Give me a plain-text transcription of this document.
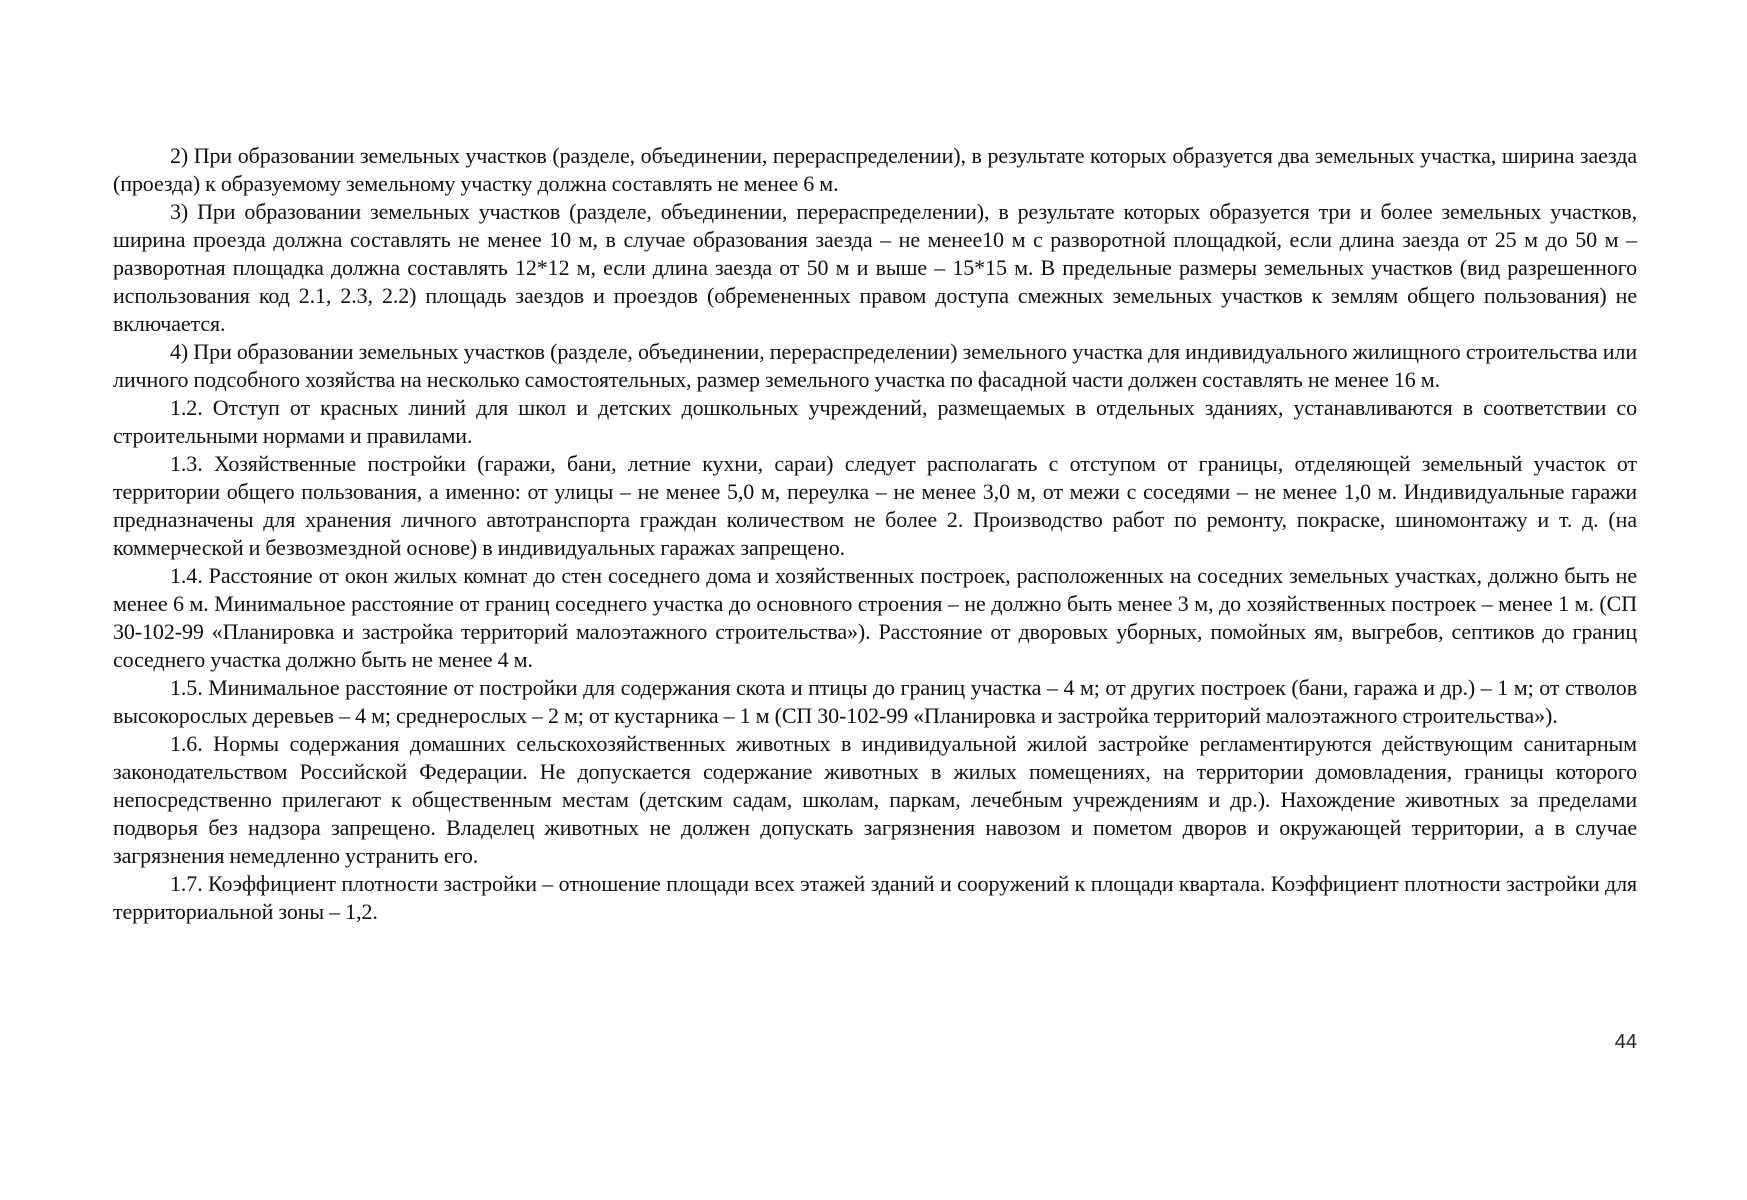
2) При образовании земельных участков (разделе, объединении, перераспределении), в результате которых образуется два земельных участка, ширина заезда (проезда) к образуемому земельному участку должна составлять не менее 6 м.

3) При образовании земельных участков (разделе, объединении, перераспределении), в результате которых образуется три и более земельных участков, ширина проезда должна составлять не менее 10 м, в случае образования заезда – не менее10 м с разворотной площадкой, если длина заезда от 25 м до 50 м – разворотная площадка должна составлять 12*12 м, если длина заезда от 50 м и выше – 15*15 м. В предельные размеры земельных участков (вид разрешенного использования код 2.1, 2.3, 2.2) площадь заездов и проездов (обремененных правом доступа смежных земельных участков к землям общего пользования) не включается.

4) При образовании земельных участков (разделе, объединении, перераспределении) земельного участка для индивидуального жилищного строительства или личного подсобного хозяйства на несколько самостоятельных, размер земельного участка по фасадной части должен составлять не менее 16 м.

1.2. Отступ от красных линий для школ и детских дошкольных учреждений, размещаемых в отдельных зданиях, устанавливаются в соответствии со строительными нормами и правилами.

1.3. Хозяйственные постройки (гаражи, бани, летние кухни, сараи) следует располагать с отступом от границы, отделяющей земельный участок от территории общего пользования, а именно: от улицы – не менее 5,0 м, переулка – не менее 3,0 м, от межи с соседями – не менее 1,0 м. Индивидуальные гаражи предназначены для хранения личного автотранспорта граждан количеством не более 2. Производство работ по ремонту, покраске, шиномонтажу и т. д. (на коммерческой и безвозмездной основе) в индивидуальных гаражах запрещено.

1.4. Расстояние от окон жилых комнат до стен соседнего дома и хозяйственных построек, расположенных на соседних земельных участках, должно быть не менее 6 м. Минимальное расстояние от границ соседнего участка до основного строения – не должно быть менее 3 м, до хозяйственных построек – менее 1 м. (СП 30-102-99 «Планировка и застройка территорий малоэтажного строительства»). Расстояние от дворовых уборных, помойных ям, выгребов, септиков до границ соседнего участка должно быть не менее 4 м.

1.5. Минимальное расстояние от постройки для содержания скота и птицы до границ участка – 4 м; от других построек (бани, гаража и др.) – 1 м; от стволов высокорослых деревьев – 4 м; среднерослых – 2 м; от кустарника – 1 м (СП 30-102-99 «Планировка и застройка территорий малоэтажного строительства»).

1.6. Нормы содержания домашних сельскохозяйственных животных в индивидуальной жилой застройке регламентируются действующим санитарным законодательством Российской Федерации. Не допускается содержание животных в жилых помещениях, на территории домовладения, границы которого непосредственно прилегают к общественным местам (детским садам, школам, паркам, лечебным учреждениям и др.). Нахождение животных за пределами подворья без надзора запрещено. Владелец животных не должен допускать загрязнения навозом и пометом дворов и окружающей территории, а в случае загрязнения немедленно устранить его.

1.7. Коэффициент плотности застройки – отношение площади всех этажей зданий и сооружений к площади квартала. Коэффициент плотности застройки для территориальной зоны – 1,2.

44
